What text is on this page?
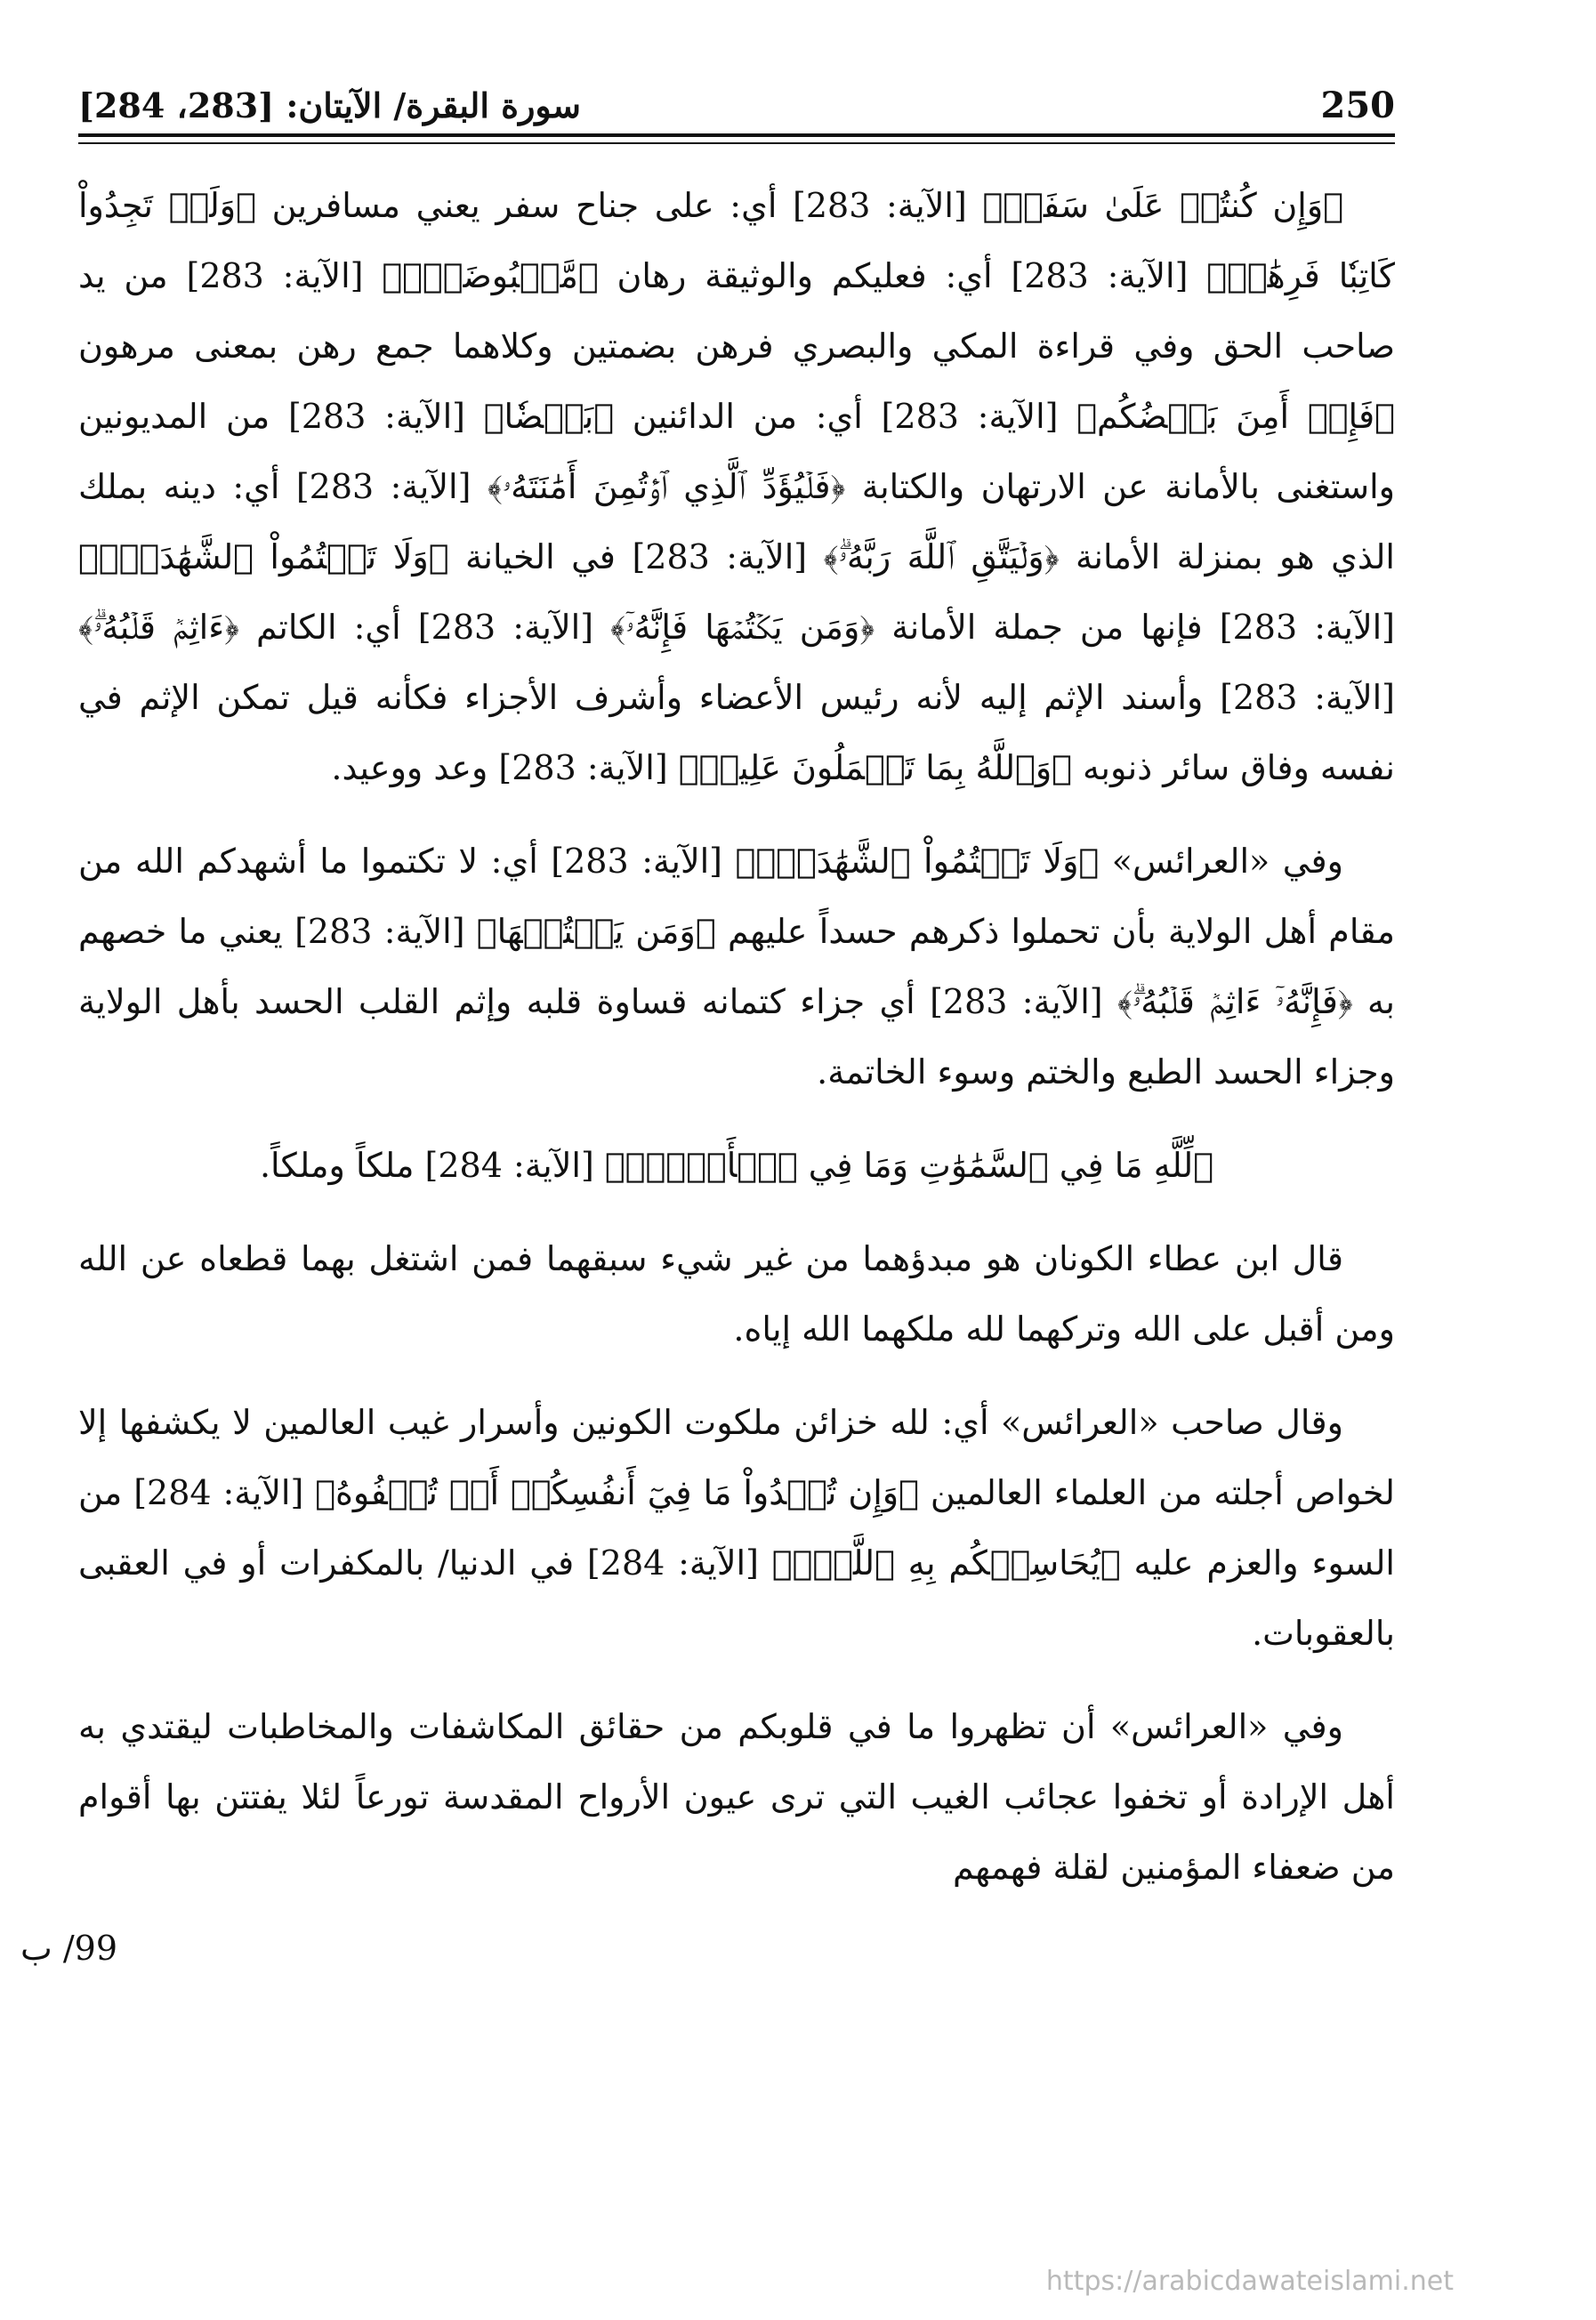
250
سورة البقرة/ الآيتان: [283، 284]

﴿وَإِن كُنتُمۡ عَلَىٰ سَفَرٖ﴾ [الآية: 283] أي: على جناح سفر يعني مسافرين ﴿وَلَمۡ تَجِدُواْ كَاتِبٗا فَرِهَٰنٞ﴾ [الآية: 283] أي: فعليكم والوثيقة رهان ﴿مَّقۡبُوضَةٞۖ﴾ [الآية: 283] من يد صاحب الحق وفي قراءة المكي والبصري فرهن بضمتين وكلاهما جمع رهن بمعنى مرهون ﴿فَإِنۡ أَمِنَ بَعۡضُكُم﴾ [الآية: 283] أي: من الدائنين ﴿بَعۡضٗا﴾ [الآية: 283] من المديونين واستغنى بالأمانة عن الارتهان والكتابة ﴿فَلۡيُؤَدِّ ٱلَّذِي ٱؤۡتُمِنَ أَمَٰنَتَهُۥ﴾ [الآية: 283] أي: دينه بملك الذي هو بمنزلة الأمانة ﴿وَلۡيَتَّقِ ٱللَّهَ رَبَّهُۥۗ﴾ [الآية: 283] في الخيانة ﴿وَلَا تَكۡتُمُواْ ٱلشَّهَٰدَةَۚ﴾ [الآية: 283] فإنها من جملة الأمانة ﴿وَمَن يَكۡتُمۡهَا فَإِنَّهُۥٓ﴾ [الآية: 283] أي: الكاتم ﴿ءَاثِمٞ قَلۡبُهُۥۗ﴾ [الآية: 283] وأسند الإثم إليه لأنه رئيس الأعضاء وأشرف الأجزاء فكأنه قيل تمكن الإثم في نفسه وفاق سائر ذنوبه ﴿وَٱللَّهُ بِمَا تَعۡمَلُونَ عَلِيمٞ﴾ [الآية: 283] وعد ووعيد.

وفي «العرائس» ﴿وَلَا تَكۡتُمُواْ ٱلشَّهَٰدَةَۚ﴾ [الآية: 283] أي: لا تكتموا ما أشهدكم الله من مقام أهل الولاية بأن تحملوا ذكرهم حسداً عليهم ﴿وَمَن يَكۡتُمۡهَا﴾ [الآية: 283] يعني ما خصهم به ﴿فَإِنَّهُۥٓ ءَاثِمٞ قَلۡبُهُۥۗ﴾ [الآية: 283] أي جزاء كتمانه قساوة قلبه وإثم القلب الحسد بأهل الولاية وجزاء الحسد الطبع والختم وسوء الخاتمة.

﴿لِّلَّهِ مَا فِي ٱلسَّمَٰوَٰتِ وَمَا فِي ٱلۡأَرۡضِۗ﴾ [الآية: 284] ملكاً وملكاً.

قال ابن عطاء الكونان هو مبدؤهما من غير شيء سبقهما فمن اشتغل بهما قطعاه عن الله ومن أقبل على الله وتركهما لله ملكهما الله إياه.

وقال صاحب «العرائس» أي: لله خزائن ملكوت الكونين وأسرار غيب العالمين لا يكشفها إلا لخواص أجلته من العلماء العالمين ﴿وَإِن تُبۡدُواْ مَا فِيٓ أَنفُسِكُمۡ أَوۡ تُخۡفُوهُ﴾ [الآية: 284] من السوء والعزم عليه ﴿يُحَاسِبۡكُم بِهِ ٱللَّهُۖ﴾ [الآية: 284] في الدنيا/ بالمكفرات أو في العقبى بالعقوبات.

وفي «العرائس» أن تظهروا ما في قلوبكم من حقائق المكاشفات والمخاطبات ليقتدي به أهل الإرادة أو تخفوا عجائب الغيب التي ترى عيون الأرواح المقدسة تورعاً لئلا يفتتن بها أقوام من ضعفاء المؤمنين لقلة فهمهم

99/ ب
https://arabicdawateislami.net
